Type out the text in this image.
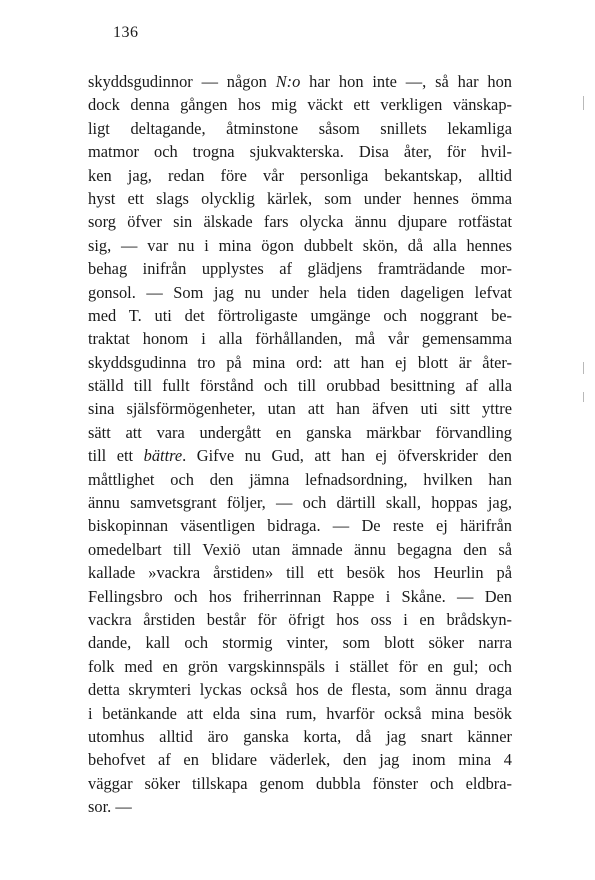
136
skyddsgudinnor — någon N:o har hon inte —, så har hon
dock denna gången hos mig väckt ett verkligen vänskap-
ligt deltagande, åtminstone såsom snillets lekamliga
matmor och trogna sjukvakterska. Disa åter, för hvil-
ken jag, redan före vår personliga bekantskap, alltid
hyst ett slags olycklig kärlek, som under hennes ömma
sorg öfver sin älskade fars olycka ännu djupare rotfästat
sig, — var nu i mina ögon dubbelt skön, då alla hennes
behag inifrån upplystes af glädjens framträdande mor-
gonsol. — Som jag nu under hela tiden dageligen lefvat
med T. uti det förtroligaste umgänge och noggrant be-
traktat honom i alla förhållanden, må vår gemensamma
skyddsgudinna tro på mina ord: att han ej blott är åter-
ställd till fullt förstånd och till orubbad besittning af alla
sina själsförmögenheter, utan att han äfven uti sitt yttre
sätt att vara undergått en ganska märkbar förvandling
till ett bättre. Gifve nu Gud, att han ej öfverskrider den
måttlighet och den jämna lefnadsordning, hvilken han
ännu samvetsgrant följer, — och därtill skall, hoppas jag,
biskopinnan väsentligen bidraga. — De reste ej härifrån
omedelbart till Vexiö utan ämnade ännu begagna den så
kallade »vackra årstiden» till ett besök hos Heurlin på
Fellingsbro och hos friherrinnan Rappe i Skåne. — Den
vackra årstiden består för öfrigt hos oss i en brådskyn-
dande, kall och stormig vinter, som blott söker narra
folk med en grön vargskinnspäls i stället för en gul; och
detta skrymteri lyckas också hos de flesta, som ännu draga
i betänkande att elda sina rum, hvarför också mina besök
utomhus alltid äro ganska korta, då jag snart känner
behofvet af en blidare väderlek, den jag inom mina 4
väggar söker tillskapa genom dubbla fönster och eldbra-
sor. —
